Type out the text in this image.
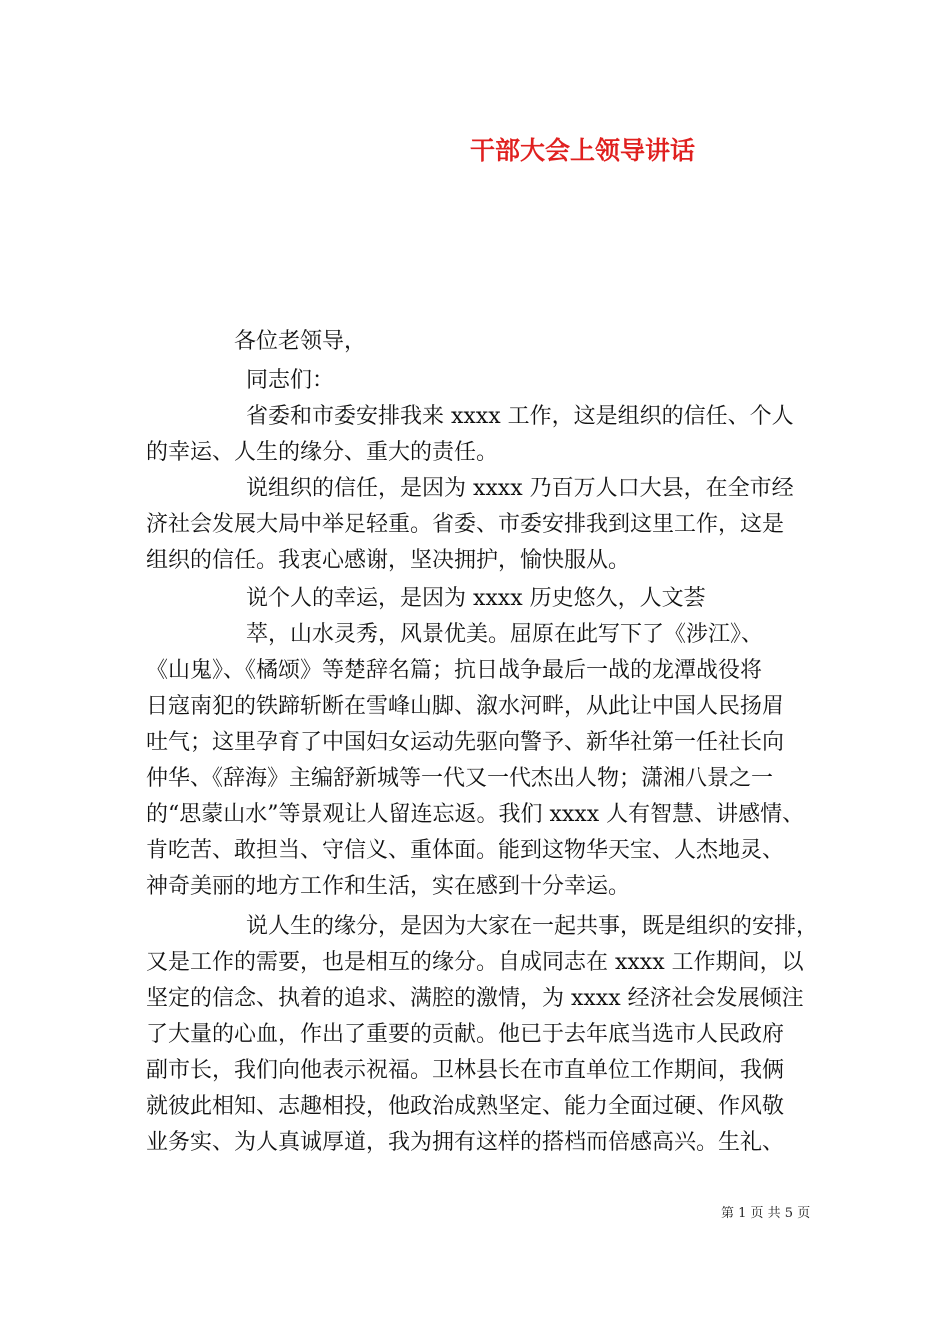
干部大会上领导讲话
各位老领导，
同志们：
省委和市委安排我来 xxxx 工作，这是组织的信任、个人
的幸运、人生的缘分、重大的责任。
说组织的信任，是因为 xxxx 乃百万人口大县，在全市经
济社会发展大局中举足轻重。省委、市委安排我到这里工作，这是
组织的信任。我衷心感谢，坚决拥护，愉快服从。
说个人的幸运，是因为 xxxx 历史悠久，人文荟
萃，山水灵秀，风景优美。屈原在此写下了《涉江》、
《山鬼》、《橘颂》等楚辞名篇；抗日战争最后一战的龙潭战役将
日寇南犯的铁蹄斩断在雪峰山脚、溆水河畔，从此让中国人民扬眉
吐气；这里孕育了中国妇女运动先驱向警予、新华社第一任社长向
仲华、《辞海》主编舒新城等一代又一代杰出人物；潇湘八景之一
的“思蒙山水”等景观让人留连忘返。我们 xxxx 人有智慧、讲感情、
肯吃苦、敢担当、守信义、重体面。能到这物华天宝、人杰地灵、
神奇美丽的地方工作和生活，实在感到十分幸运。
说人生的缘分，是因为大家在一起共事，既是组织的安排，
又是工作的需要，也是相互的缘分。自成同志在 xxxx 工作期间，以
坚定的信念、执着的追求、满腔的激情，为 xxxx 经济社会发展倾注
了大量的心血，作出了重要的贡献。他已于去年底当选市人民政府
副市长，我们向他表示祝福。卫林县长在市直单位工作期间，我俩
就彼此相知、志趣相投，他政治成熟坚定、能力全面过硬、作风敬
业务实、为人真诚厚道，我为拥有这样的搭档而倍感高兴。生礼、
第 1 页 共 5 页
